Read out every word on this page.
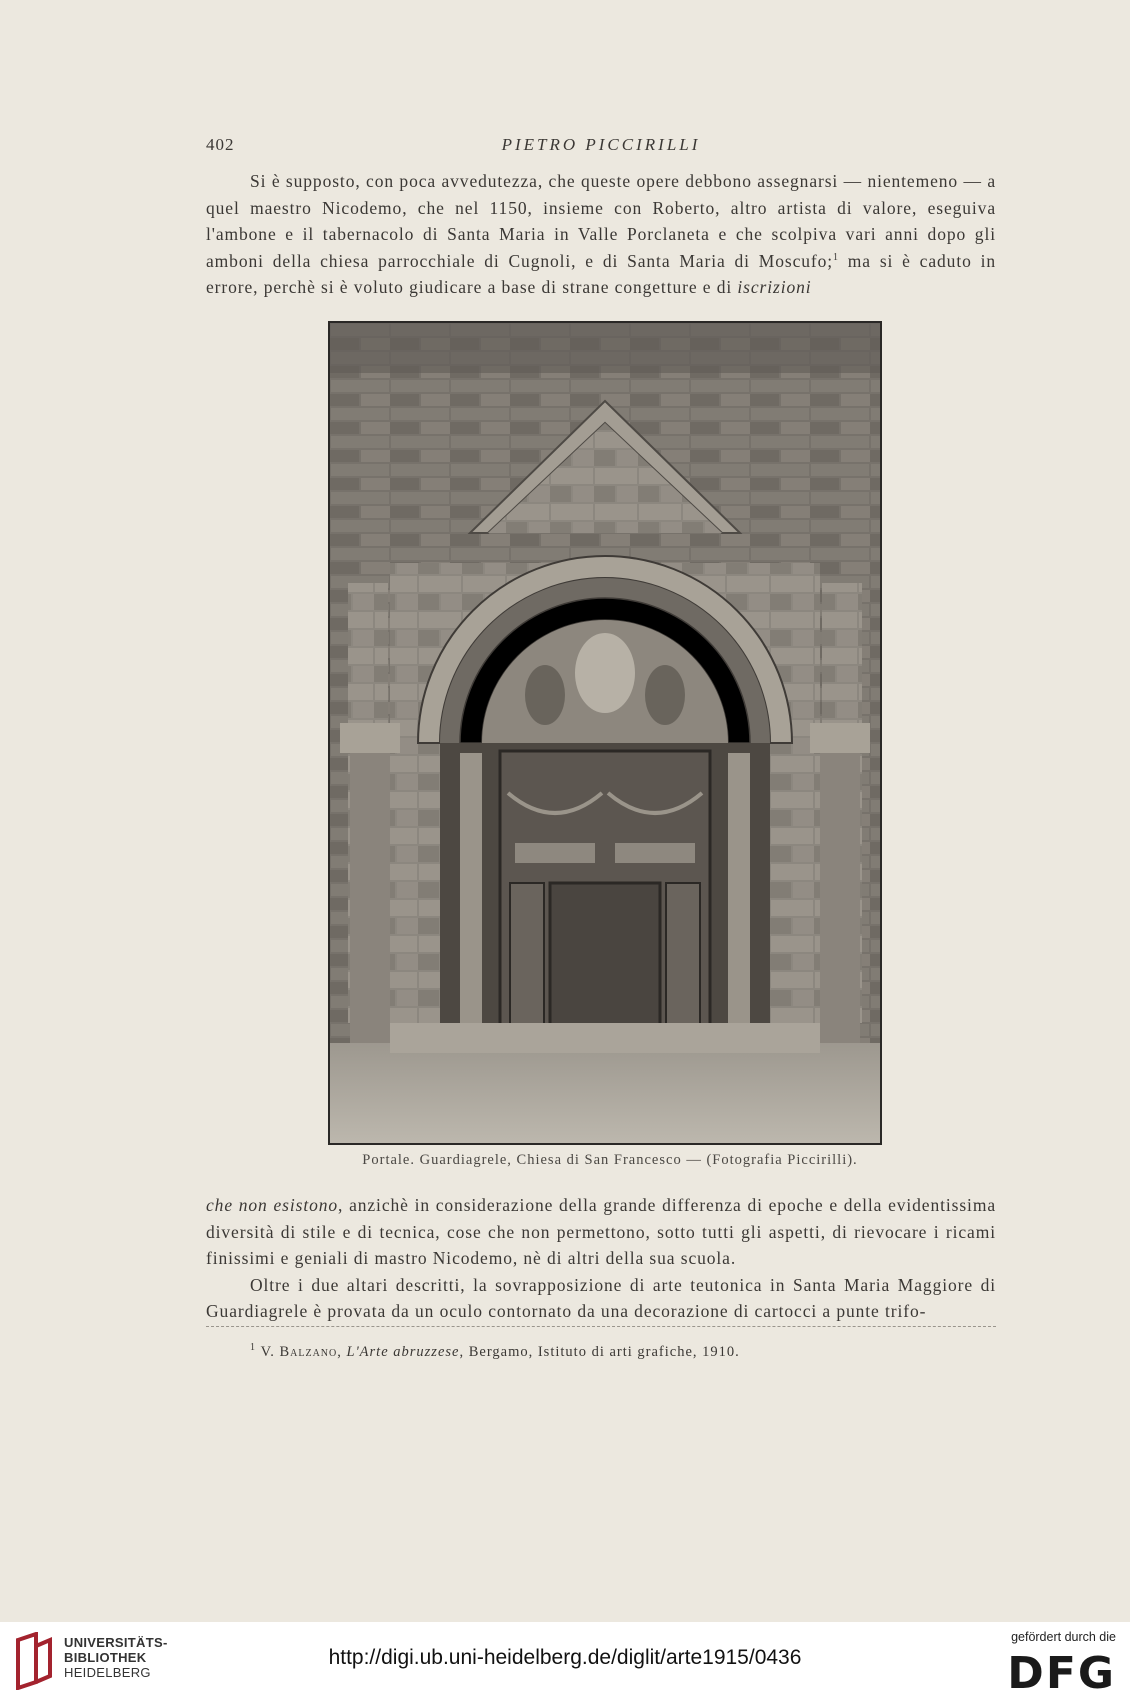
402	PIETRO PICCIRILLI

Si è supposto, con poca avvedutezza, che queste opere debbono assegnarsi — nientemeno — a quel maestro Nicodemo, che nel 1150, insieme con Roberto, altro artista di valore, eseguiva l'ambone e il tabernacolo di Santa Maria in Valle Porclaneta e che scolpiva vari anni dopo gli amboni della chiesa parrocchiale di Cugnoli, e di Santa Maria di Moscufo;$^1$ ma si è caduto in errore, perchè si è voluto giudicare a base di strane congetture e di iscrizioni

Portale. Guardiagrele, Chiesa di San Francesco — (Fotografia Piccirilli).

che non esistono, anzichè in considerazione della grande differenza di epoche e della evidentissima diversità di stile e di tecnica, cose che non permettono, sotto tutti gli aspetti, di rievocare i ricami finissimi e geniali di mastro Nicodemo, nè di altri della sua scuola.

Oltre i due altari descritti, la sovrapposizione di arte teutonica in Santa Maria Maggiore di Guardiagrele è provata da un oculo contornato da una decorazione di cartocci a punte trifo-

$^1$ V. Balzano, L'Arte abruzzese, Bergamo, Istituto di arti grafiche, 1910.
UNIVERSITÄTS-
BIBLIOTHEK
HEIDELBERG
http://digi.ub.uni-heidelberg.de/diglit/arte1915/0436
gefördert durch die
DFG
